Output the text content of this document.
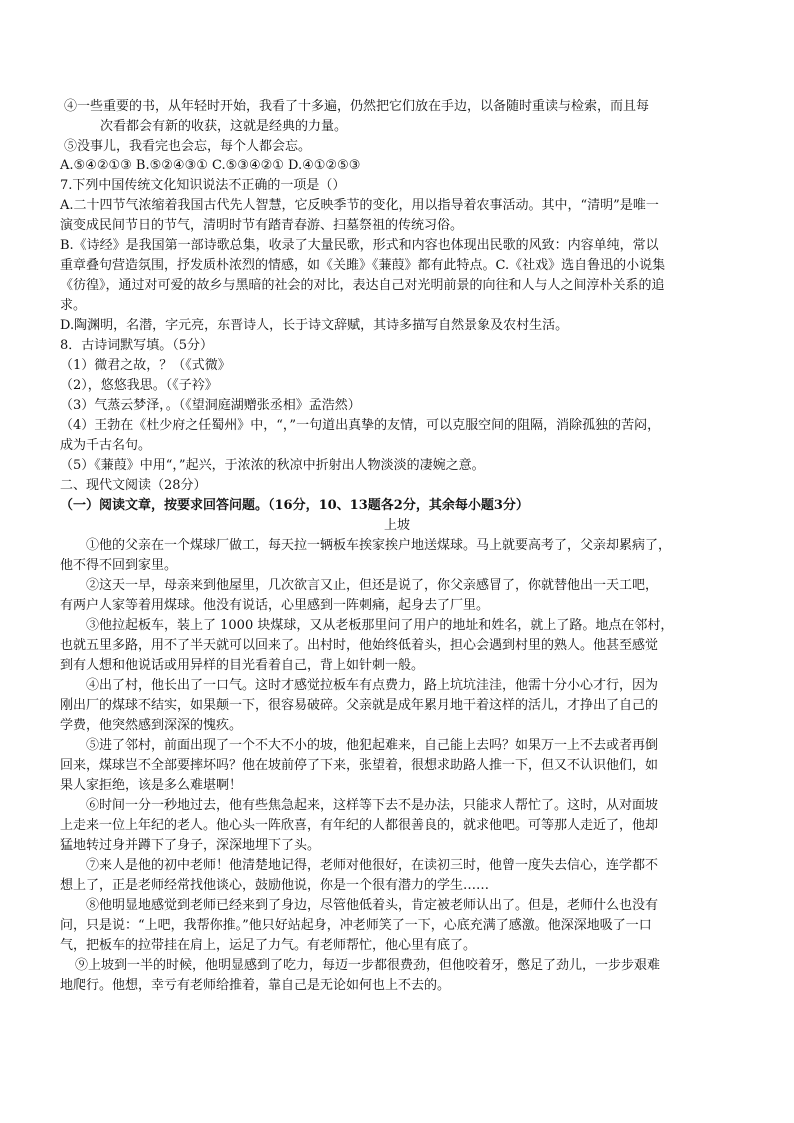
④一些重要的书，从年轻时开始，我看了十多遍，仍然把它们放在手边，以备随时重读与检索，而且每

次看都会有新的收获，这就是经典的力量。

⑤没事儿，我看完也会忘，每个人都会忘。

A.⑤④②①③ B.⑤②④③① C.⑤③④②① D.④①②⑤③

7.下列中国传统文化知识说法不正确的一项是（）

A.二十四节气浓缩着我国古代先人智慧，它反映季节的变化，用以指导着农事活动。其中，“清明”是唯一

演变成民间节日的节气，清明时节有踏青春游、扫墓祭祖的传统习俗。

B.《诗经》是我国第一部诗歌总集，收录了大量民歌，形式和内容也体现出民歌的风致：内容单纯，常以

重章叠句营造氛围，抒发质朴浓烈的情感，如《关雎》《蒹葭》都有此特点。C.《社戏》选自鲁迅的小说集

《彷徨》，通过对可爱的故乡与黑暗的社会的对比，表达自己对光明前景的向往和人与人之间淳朴关系的追

求。

D.陶渊明，名潜，字元亮，东晋诗人，长于诗文辞赋，其诗多描写自然景象及农村生活。

8．古诗词默写填。（5分）

（1）微君之故，？（《式微》

（2），悠悠我思。（《子衿》

（3）气蒸云梦泽，。（《望洞庭湖赠张丞相》孟浩然）

（4）王勃在《杜少府之任蜀州》中，“，”一句道出真挚的友情，可以克服空间的阻隔，消除孤独的苦闷，

成为千古名句。

（5）《蒹葭》中用“，”起兴，于浓浓的秋凉中折射出人物淡淡的凄婉之意。

二、现代文阅读（28分）

（一）阅读文章，按要求回答问题。（16分，10、13题各2分，其余每小题3分）

上坡

①他的父亲在一个煤球厂做工，每天拉一辆板车挨家挨户地送煤球。马上就要高考了，父亲却累病了，

他不得不回到家里。

②这天一早，母亲来到他屋里，几次欲言又止，但还是说了，你父亲感冒了，你就替他出一天工吧，

有两户人家等着用煤球。他没有说话，心里感到一阵刺痛，起身去了厂里。

③他拉起板车，装上了 1000 块煤球，又从老板那里问了用户的地址和姓名，就上了路。地点在邻村，

也就五里多路，用不了半天就可以回来了。出村时，他始终低着头，担心会遇到村里的熟人。他甚至感觉

到有人想和他说话或用异样的目光看着自己，背上如针刺一般。

④出了村，他长出了一口气。这时才感觉拉板车有点费力，路上坑坑洼洼，他需十分小心才行，因为

刚出厂的煤球不结实，如果颠一下，很容易破碎。父亲就是成年累月地干着这样的活儿，才挣出了自己的

学费，他突然感到深深的愧疚。

⑤进了邻村，前面出现了一个不大不小的坡，他犯起难来，自己能上去吗？如果万一上不去或者再倒

回来，煤球岂不全部要摔坏吗？他在坡前停了下来，张望着，很想求助路人推一下，但又不认识他们，如

果人家拒绝，该是多么难堪啊！

⑥时间一分一秒地过去，他有些焦急起来，这样等下去不是办法，只能求人帮忙了。这时，从对面坡

上走来一位上年纪的老人。他心头一阵欣喜，有年纪的人都很善良的，就求他吧。可等那人走近了，他却

猛地转过身并蹲下了身子，深深地埋下了头。

⑦来人是他的初中老师！他清楚地记得，老师对他很好，在读初三时，他曾一度失去信心，连学都不

想上了，正是老师经常找他谈心，鼓励他说，你是一个很有潜力的学生……

⑧他明显地感觉到老师已经来到了身边，尽管他低着头，肯定被老师认出了。但是，老师什么也没有

问，只是说：“上吧，我帮你推。”他只好站起身，冲老师笑了一下，心底充满了感激。他深深地吸了一口

气，把板车的拉带挂在肩上，运足了力气。有老师帮忙，他心里有底了。

⑨上坡到一半的时候，他明显感到了吃力，每迈一步都很费劲，但他咬着牙，憋足了劲儿，一步步艰难

地爬行。他想，幸亏有老师给推着，靠自己是无论如何也上不去的。
